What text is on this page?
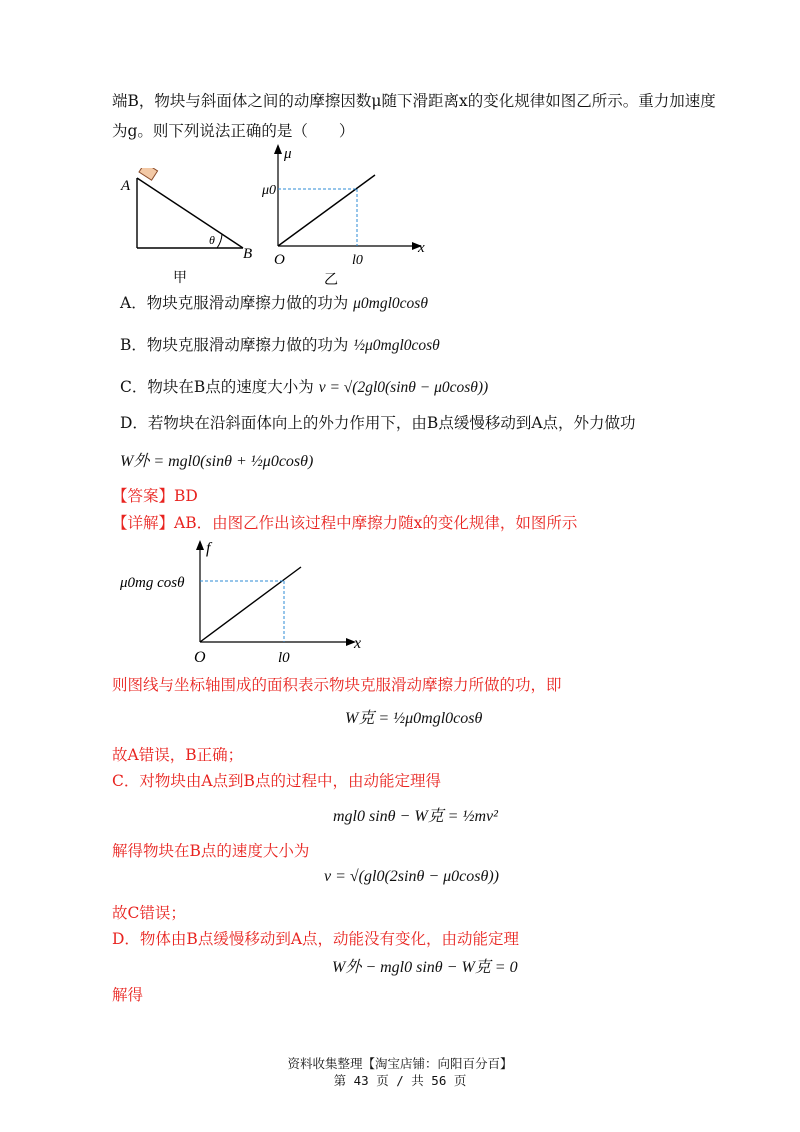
端B，物块与斜面体之间的动摩擦因数μ随下滑距离x的变化规律如图乙所示。重力加速度
为g。则下列说法正确的是（　　）
A
B
θ
甲
μ
x
μ0
O	l0
乙
A．物块克服滑动摩擦力做的功为 μ0mgl0cosθ
B．物块克服滑动摩擦力做的功为 ½μ0mgl0cosθ
C．物块在B点的速度大小为 v = √(2gl0(sinθ − μ0cosθ))
D．若物块在沿斜面体向上的外力作用下，由B点缓慢移动到A点，外力做功
W外 = mgl0(sinθ + ½μ0cosθ)
【答案】BD
【详解】AB．由图乙作出该过程中摩擦力随x的变化规律，如图所示
f
x
μ0mg cosθ
O	l0
则图线与坐标轴围成的面积表示物块克服滑动摩擦力所做的功，即
W克 = ½μ0mgl0cosθ
故A错误，B正确；
C．对物块由A点到B点的过程中，由动能定理得
mgl0 sinθ − W克 = ½mv²
解得物块在B点的速度大小为
v = √(gl0(2sinθ − μ0cosθ))
故C错误；
D．物体由B点缓慢移动到A点，动能没有变化，由动能定理
W外 − mgl0 sinθ − W克 = 0
解得
资料收集整理【淘宝店铺：向阳百分百】
第 43 页 / 共 56 页
